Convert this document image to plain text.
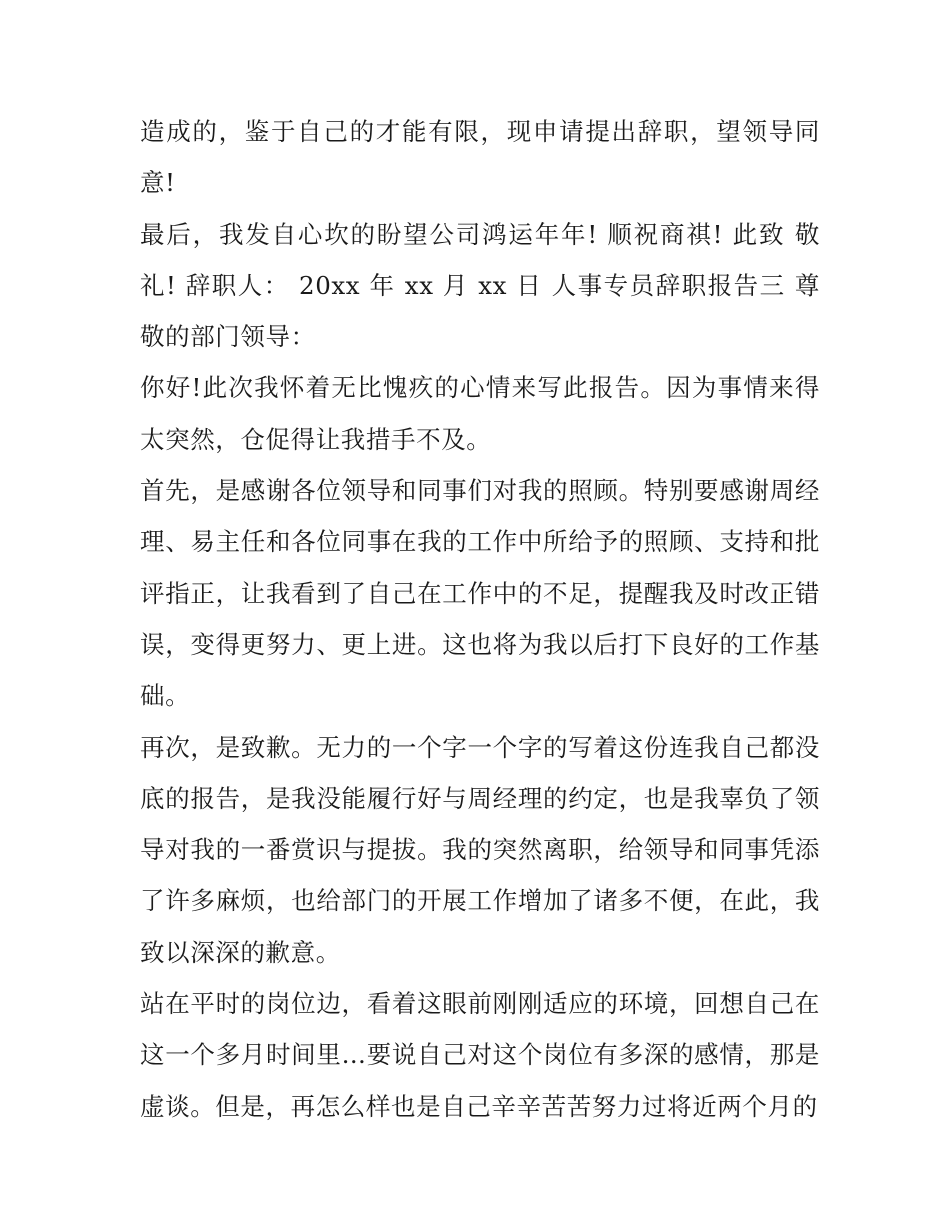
造成的，鉴于自己的才能有限，现申请提出辞职，望领导同意!

最后，我发自心坎的盼望公司鸿运年年! 顺祝商祺! 此致 敬礼! 辞职人： 20xx 年 xx 月 xx 日 人事专员辞职报告三 尊敬的部门领导：

你好!此次我怀着无比愧疚的心情来写此报告。因为事情来得太突然，仓促得让我措手不及。

首先，是感谢各位领导和同事们对我的照顾。特别要感谢周经理、易主任和各位同事在我的工作中所给予的照顾、支持和批评指正，让我看到了自己在工作中的不足，提醒我及时改正错误，变得更努力、更上进。这也将为我以后打下良好的工作基础。

再次，是致歉。无力的一个字一个字的写着这份连我自己都没底的报告，是我没能履行好与周经理的约定，也是我辜负了领导对我的一番赏识与提拔。我的突然离职，给领导和同事凭添了许多麻烦，也给部门的开展工作增加了诸多不便，在此，我致以深深的歉意。

站在平时的岗位边，看着这眼前刚刚适应的环境，回想自己在这一个多月时间里…要说自己对这个岗位有多深的感情，那是虚谈。但是，再怎么样也是自己辛辛苦苦努力过将近两个月的
